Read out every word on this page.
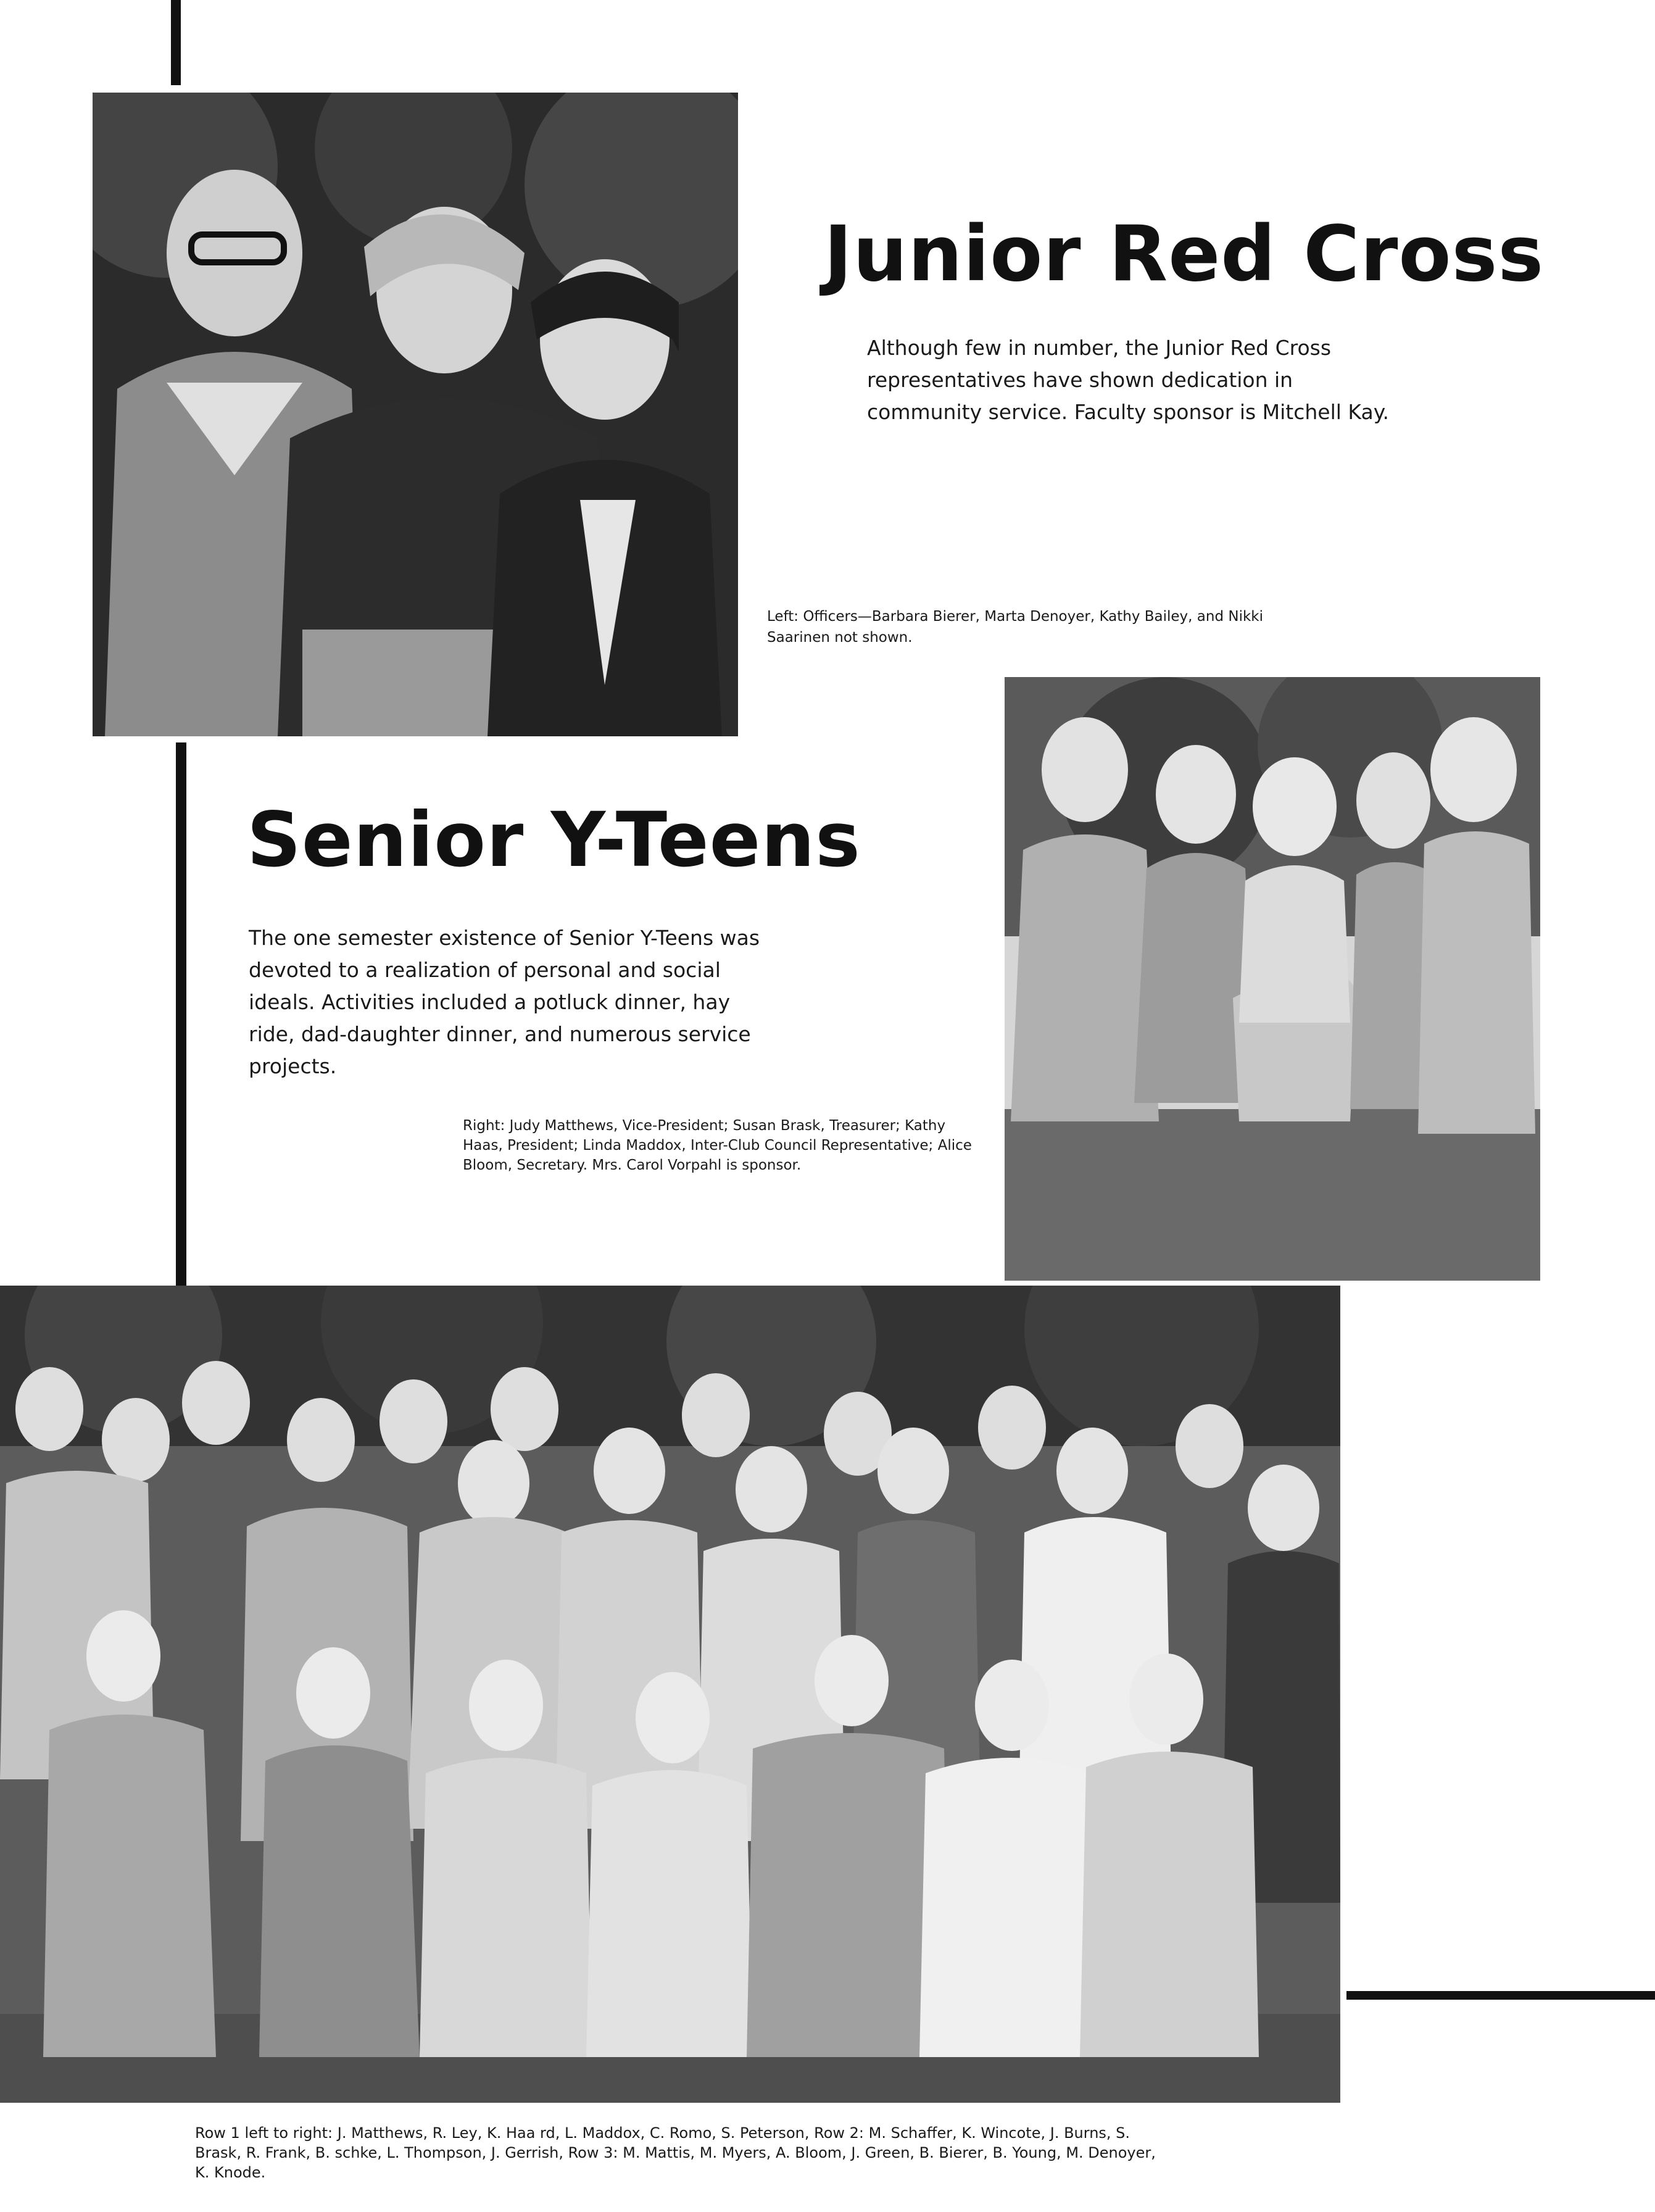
Junior Red Cross

Although few in number, the Junior Red Cross representatives have shown dedication in community service. Faculty sponsor is Mitchell Kay.

Left: Officers—Barbara Bierer, Marta Denoyer, Kathy Bailey, and Nikki Saarinen not shown.

Senior Y-Teens

The one semester existence of Senior Y-Teens was devoted to a realization of personal and social ideals. Activities included a potluck dinner, hay ride, dad-daughter dinner, and numerous service projects.

Right: Judy Matthews, Vice-President; Susan Brask, Treasurer; Kathy Haas, President; Linda Maddox, Inter-Club Council Representative; Alice Bloom, Secretary. Mrs. Carol Vorpahl is sponsor.

Row 1 left to right: J. Matthews, R. Ley, K. Haa rd, L. Maddox, C. Romo, S. Peterson, Row 2: M. Schaffer, K. Wincote, J. Burns, S. Brask, R. Frank, B. schke, L. Thompson, J. Gerrish, Row 3: M. Mattis, M. Myers, A. Bloom, J. Green, B. Bierer, B. Young, M. Denoyer, K. Knode.
